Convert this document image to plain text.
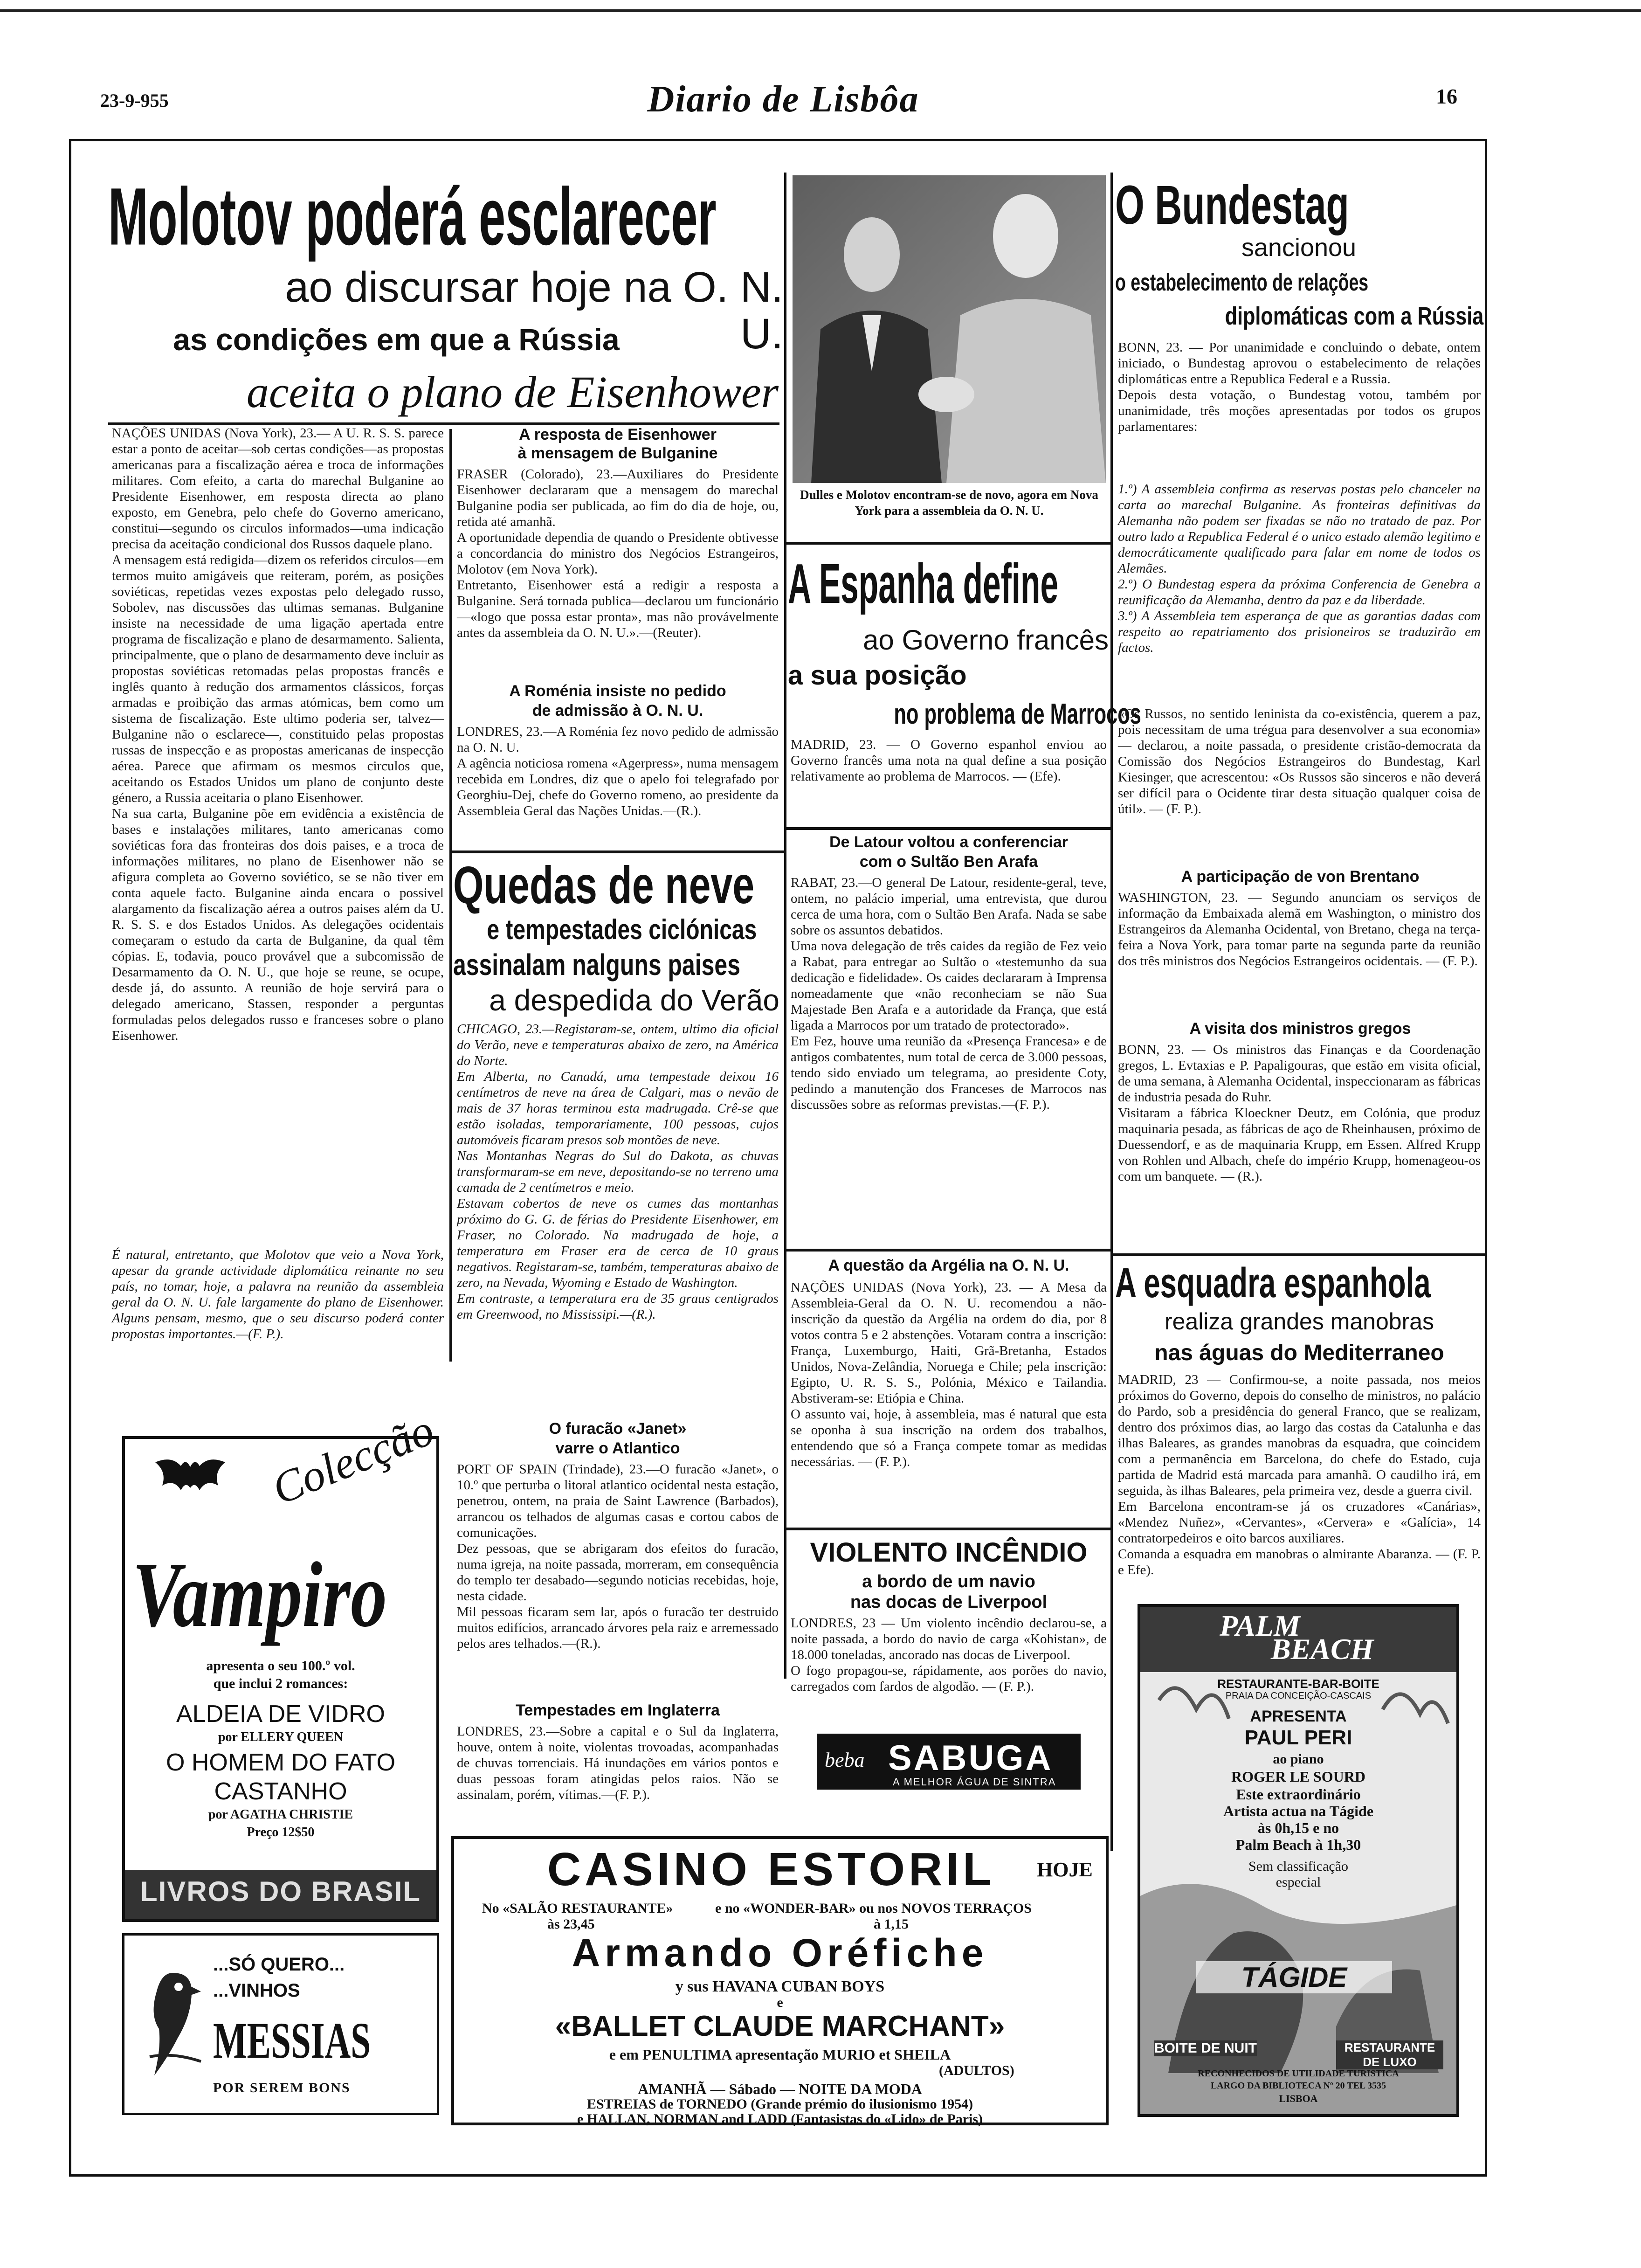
23-9-955	Diario de Lisbôa	16
Molotov poderá esclarecer
ao discursar hoje na O. N. U.
as condições em que a Rússia
aceita o plano de Eisenhower
NAÇÕES UNIDAS (Nova York), 23.— A U. R. S. S. parece estar a ponto de aceitar—sob certas condições—as propostas americanas para a fiscalização aérea e troca de informações militares. Com efeito, a carta do marechal Bulganine ao Presidente Eisenhower, em resposta directa ao plano exposto, em Genebra, pelo chefe do Governo americano, constitui—segundo os circulos informados—uma indicação precisa da aceitação condicional dos Russos daquele plano.
A mensagem está redigida—dizem os referidos circulos—em termos muito amigáveis que reiteram, porém, as posições soviéticas, repetidas vezes expostas pelo delegado russo, Sobolev, nas discussões das ultimas semanas. Bulganine insiste na necessidade de uma ligação apertada entre programa de fiscalização e plano de desarmamento. Salienta, principalmente, que o plano de desarmamento deve incluir as propostas soviéticas retomadas pelas propostas francês e inglês quanto à redução dos armamentos clássicos, forças armadas e proibição das armas atómicas, bem como um sistema de fiscalização. Este ultimo poderia ser, talvez—Bulganine não o esclarece—, constituido pelas propostas russas de inspecção e as propostas americanas de inspecção aérea. Parece que afirmam os mesmos circulos que, aceitando os Estados Unidos um plano de conjunto deste género, a Russia aceitaria o plano Eisenhower.
Na sua carta, Bulganine põe em evidência a existência de bases e instalações militares, tanto americanas como soviéticas fora das fronteiras dos dois paises, e a troca de informações militares, no plano de Eisenhower não se afigura completa ao Governo soviético, se se não tiver em conta aquele facto. Bulganine ainda encara o possivel alargamento da fiscalização aérea a outros paises além da U. R. S. S. e dos Estados Unidos. As delegações ocidentais começaram o estudo da carta de Bulganine, da qual têm cópias. E, todavia, pouco provável que a subcomissão de Desarmamento da O. N. U., que hoje se reune, se ocupe, desde já, do assunto. A reunião de hoje servirá para o delegado americano, Stassen, responder a perguntas formuladas pelos delegados russo e franceses sobre o plano Eisenhower.
É natural, entretanto, que Molotov que veio a Nova York, apesar da grande actividade diplomática reinante no seu país, no tomar, hoje, a palavra na reunião da assembleia geral da O. N. U. fale largamente do plano de Eisenhower. Alguns pensam, mesmo, que o seu discurso poderá conter propostas importantes.—(F. P.).
A resposta de Eisenhower
à mensagem de Bulganine
FRASER (Colorado), 23.—Auxiliares do Presidente Eisenhower declararam que a mensagem do marechal Bulganine podia ser publicada, ao fim do dia de hoje, ou, retida até amanhã.
A oportunidade dependia de quando o Presidente obtivesse a concordancia do ministro dos Negócios Estrangeiros, Molotov (em Nova York).
Entretanto, Eisenhower está a redigir a resposta a Bulganine. Será tornada publica—declarou um funcionário—«logo que possa estar pronta», mas não provávelmente antes da assembleia da O. N. U.».—(Reuter).
A Roménia insiste no pedido
de admissão à O. N. U.
LONDRES, 23.—A Roménia fez novo pedido de admissão na O. N. U.
A agência noticiosa romena «Agerpress», numa mensagem recebida em Londres, diz que o apelo foi telegrafado por Georghiu-Dej, chefe do Governo romeno, ao presidente da Assembleia Geral das Nações Unidas.—(R.).
Quedas de neve
e tempestades ciclónicas
assinalam nalguns paises
a despedida do Verão
CHICAGO, 23.—Registaram-se, ontem, ultimo dia oficial do Verão, neve e temperaturas abaixo de zero, na América do Norte.
Em Alberta, no Canadá, uma tempestade deixou 16 centímetros de neve na área de Calgari, mas o nevão de mais de 37 horas terminou esta madrugada. Crê-se que estão isoladas, temporariamente, 100 pessoas, cujos automóveis ficaram presos sob montões de neve.
Nas Montanhas Negras do Sul do Dakota, as chuvas transformaram-se em neve, depositando-se no terreno uma camada de 2 centímetros e meio.
Estavam cobertos de neve os cumes das montanhas próximo do G. G. de férias do Presidente Eisenhower, em Fraser, no Colorado. Na madrugada de hoje, a temperatura em Fraser era de cerca de 10 graus negativos. Registaram-se, também, temperaturas abaixo de zero, na Nevada, Wyoming e Estado de Washington.
Em contraste, a temperatura era de 35 graus centigrados em Greenwood, no Mississipi.—(R.).
O furacão «Janet»
varre o Atlantico
PORT OF SPAIN (Trindade), 23.—O furacão «Janet», o 10.º que perturba o litoral atlantico ocidental nesta estação, penetrou, ontem, na praia de Saint Lawrence (Barbados), arrancou os telhados de algumas casas e cortou cabos de comunicações.
Dez pessoas, que se abrigaram dos efeitos do furacão, numa igreja, na noite passada, morreram, em consequência do templo ter desabado—segundo noticias recebidas, hoje, nesta cidade.
Mil pessoas ficaram sem lar, após o furacão ter destruido muitos edifícios, arrancado árvores pela raiz e arremessado pelos ares telhados.—(R.).
Tempestades em Inglaterra
LONDRES, 23.—Sobre a capital e o Sul da Inglaterra, houve, ontem à noite, violentas trovoadas, acompanhadas de chuvas torrenciais. Há inundações em vários pontos e duas pessoas foram atingidas pelos raios. Não se assinalam, porém, vítimas.—(F. P.).
Dulles e Molotov encontram-se de novo, agora em Nova York para a assembleia da O. N. U.
A Espanha define
ao Governo francês
a sua posição
no problema de Marrocos
MADRID, 23. — O Governo espanhol enviou ao Governo francês uma nota na qual define a sua posição relativamente ao problema de Marrocos. — (Efe).
De Latour voltou a conferenciar
com o Sultão Ben Arafa
RABAT, 23.—O general De Latour, residente-geral, teve, ontem, no palácio imperial, uma entrevista, que durou cerca de uma hora, com o Sultão Ben Arafa. Nada se sabe sobre os assuntos debatidos.
Uma nova delegação de três caides da região de Fez veio a Rabat, para entregar ao Sultão o «testemunho da sua dedicação e fidelidade». Os caides declararam à Imprensa nomeadamente que «não reconheciam se não Sua Majestade Ben Arafa e a autoridade da França, que está ligada a Marrocos por um tratado de protectorado».
Em Fez, houve uma reunião da «Presença Francesa» e de antigos combatentes, num total de cerca de 3.000 pessoas, tendo sido enviado um telegrama, ao presidente Coty, pedindo a manutenção dos Franceses de Marrocos nas discussões sobre as reformas previstas.—(F. P.).
A questão da Argélia na O. N. U.
NAÇÕES UNIDAS (Nova York), 23. — A Mesa da Assembleia-Geral da O. N. U. recomendou a não-inscrição da questão da Argélia na ordem do dia, por 8 votos contra 5 e 2 abstenções. Votaram contra a inscrição: França, Luxemburgo, Haiti, Grã-Bretanha, Estados Unidos, Nova-Zelândia, Noruega e Chile; pela inscrição: Egipto, U. R. S. S., Polónia, México e Tailandia. Abstiveram-se: Etiópia e China.
O assunto vai, hoje, à assembleia, mas é natural que esta se oponha à sua inscrição na ordem dos trabalhos, entendendo que só a França compete tomar as medidas necessárias. — (F. P.).
VIOLENTO INCÊNDIO
a bordo de um navio
nas docas de Liverpool
LONDRES, 23 — Um violento incêndio declarou-se, a noite passada, a bordo do navio de carga «Kohistan», de 18.000 toneladas, ancorado nas docas de Liverpool.
O fogo propagou-se, rápidamente, aos porões do navio, carregados com fardos de algodão. — (F. P.).
beba SABUGA
A MELHOR ÁGUA DE SINTRA
O Bundestag
sancionou
o estabelecimento de relações
diplomáticas com a Rússia
BONN, 23. — Por unanimidade e concluindo o debate, ontem iniciado, o Bundestag aprovou o estabelecimento de relações diplomáticas entre a Republica Federal e a Russia.
Depois desta votação, o Bundestag votou, também por unanimidade, três moções apresentadas por todos os grupos parlamentares:
1.º) A assembleia confirma as reservas postas pelo chanceler na carta ao marechal Bulganine. As fronteiras definitivas da Alemanha não podem ser fixadas se não no tratado de paz. Por outro lado a Republica Federal é o unico estado alemão legitimo e democráticamente qualificado para falar em nome de todos os Alemães.
2.º) O Bundestag espera da próxima Conferencia de Genebra a reunificação da Alemanha, dentro da paz e da liberdade.
3.º) A Assembleia tem esperança de que as garantias dadas com respeito ao repatriamento dos prisioneiros se traduzirão em factos.
«Os Russos, no sentido leninista da co-existência, querem a paz, pois necessitam de uma trégua para desenvolver a sua economia» — declarou, a noite passada, o presidente cristão-democrata da Comissão dos Negócios Estrangeiros do Bundestag, Karl Kiesinger, que acrescentou: «Os Russos são sinceros e não deverá ser difícil para o Ocidente tirar desta situação qualquer coisa de útil». — (F. P.).
A participação de von Brentano
WASHINGTON, 23. — Segundo anunciam os serviços de informação da Embaixada alemã em Washington, o ministro dos Estrangeiros da Alemanha Ocidental, von Bretano, chega na terça-feira a Nova York, para tomar parte na segunda parte da reunião dos três ministros dos Negócios Estrangeiros ocidentais. — (F. P.).
A visita dos ministros gregos
BONN, 23. — Os ministros das Finanças e da Coordenação gregos, L. Evtaxias e P. Papaligouras, que estão em visita oficial, de uma semana, à Alemanha Ocidental, inspeccionaram as fábricas de industria pesada do Ruhr.
Visitaram a fábrica Kloeckner Deutz, em Colónia, que produz maquinaria pesada, as fábricas de aço de Rheinhausen, próximo de Duessendorf, e as de maquinaria Krupp, em Essen. Alfred Krupp von Rohlen und Albach, chefe do império Krupp, homenageou-os com um banquete. — (R.).
A esquadra espanhola
realiza grandes manobras
nas águas do Mediterraneo
MADRID, 23 — Confirmou-se, a noite passada, nos meios próximos do Governo, depois do conselho de ministros, no palácio do Pardo, sob a presidência do general Franco, que se realizam, dentro dos próximos dias, ao largo das costas da Catalunha e das ilhas Baleares, as grandes manobras da esquadra, que coincidem com a permanência em Barcelona, do chefe do Estado, cuja partida de Madrid está marcada para amanhã. O caudilho irá, em seguida, às ilhas Baleares, pela primeira vez, desde a guerra civil.
Em Barcelona encontram-se já os cruzadores «Canárias», «Mendez Nuñez», «Cervantes», «Cervera» e «Galícia», 14 contratorpedeiros e oito barcos auxiliares.
Comanda a esquadra em manobras o almirante Abaranza. — (F. P. e Efe).
Colecção
Vampiro
apresenta o seu 100.º vol.
que inclui 2 romances:
ALDEIA DE VIDRO
por ELLERY QUEEN
O HOMEM DO FATO
CASTANHO
por AGATHA CHRISTIE
Preço 12$50
LIVROS DO BRASIL
...SÓ QUERO...
...VINHOS
MESSIAS
POR SEREM BONS
CASINO ESTORIL	HOJE
No «SALÃO RESTAURANTE»
às 23,45
e no «WONDER-BAR» ou nos NOVOS TERRAÇOS
à 1,15
Armando Oréfiche
y sus HAVANA CUBAN BOYS
e
«BALLET CLAUDE MARCHANT»
e em PENULTIMA apresentação MURIO et SHEILA
(ADULTOS)
AMANHÃ — Sábado — NOITE DA MODA
ESTREIAS de TORNEDO (Grande prémio do ilusionismo 1954)
e HALLAN, NORMAN and LADD (Fantasistas do «Lido» de Paris)
PALM
BEACH
RESTAURANTE-BAR-BOITE
PRAIA DA CONCEIÇÃO-CASCAIS
APRESENTA
PAUL PERI
ao piano
ROGER LE SOURD
Este extraordinário
Artista actua na Tágide
às 0h,15 e no
Palm Beach à 1h,30
Sem classificação
especial
TÁGIDE
BOITE DE NUIT	RESTAURANTE DE LUXO
RECONHECIDOS DE UTILIDADE TURISTICA
LARGO DA BIBLIOTECA Nº 20 TEL 3535
LISBOA
